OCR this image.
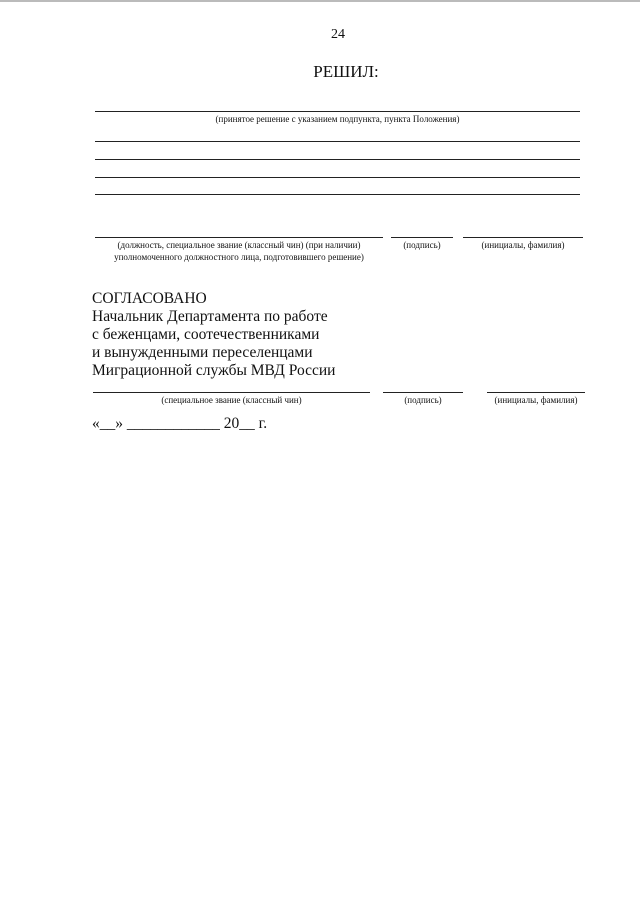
24
РЕШИЛ:
(принятое решение с указанием подпункта, пункта Положения)
(должность, специальное звание (классный чин) (при наличии)
уполномоченного должностного лица, подготовившего решение)
(подпись)	(инициалы, фамилия)
СОГЛАСОВАНО
Начальник Департамента по работе
с беженцами, соотечественниками
и вынужденными переселенцами
Миграционной службы МВД России
(специальное звание (классный чин)	(подпись)	(инициалы, фамилия)
«__» ____________ 20__ г.
